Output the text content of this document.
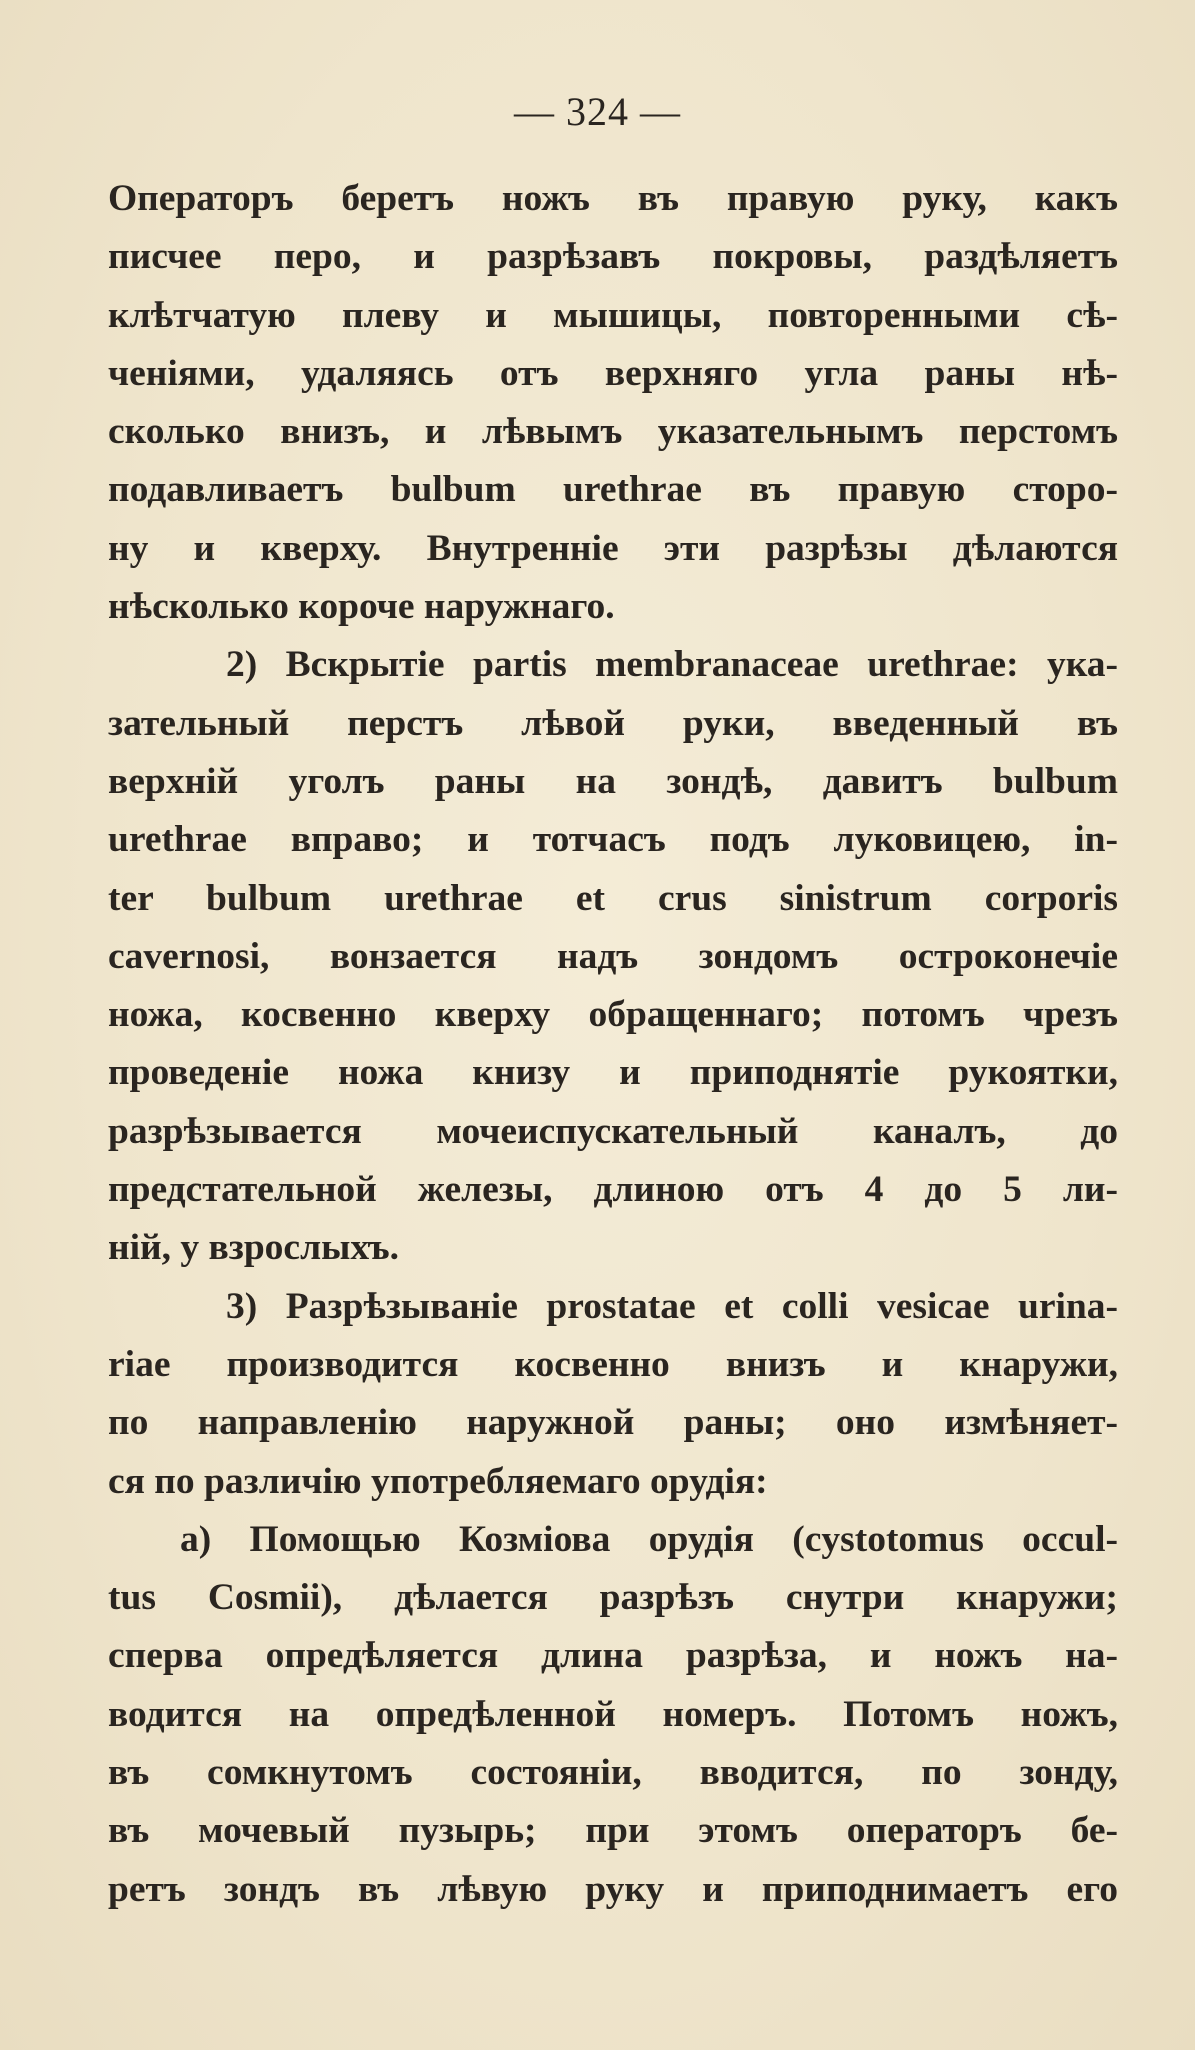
— 324 —

Операторъ беретъ ножъ въ правую руку, какъ
писчее перо, и разрѣзавъ покровы, раздѣляетъ
клѣтчатую плеву и мышицы, повторенными сѣ-
ченіями, удаляясь отъ верхняго угла раны нѣ-
сколько внизъ, и лѣвымъ указательнымъ перстомъ
подавливаетъ bulbum urethrae въ правую сторо-
ну и кверху. Внутренніе эти разрѣзы дѣлаются
нѣсколько короче наружнаго.

2) Вскрытіе partis membranaceae urethrae: ука-
зательный перстъ лѣвой руки, введенный въ
верхній уголъ раны на зондѣ, давитъ bulbum
urethrae вправо; и тотчасъ подъ луковицею, in-
ter bulbum urethrae et crus sinistrum corporis
cavernosi, вонзается надъ зондомъ остроконечіе
ножа, косвенно кверху обращеннаго; потомъ чрезъ
проведеніе ножа книзу и приподнятіе рукоятки,
разрѣзывается мочеиспускательный каналъ, до
предстательной железы, длиною отъ 4 до 5 ли-
ній, у взрослыхъ.

3) Разрѣзываніе prostatae et colli vesicae urina-
riae производится косвенно внизъ и кнаружи,
по направленію наружной раны; оно измѣняет-
ся по различію употребляемаго орудія:

а) Помощью Козміова орудія (cystotomus occul-
tus Cosmii), дѣлается разрѣзъ снутри кнаружи;
сперва опредѣляется длина разрѣза, и ножъ на-
водится на опредѣленной номеръ. Потомъ ножъ,
въ сомкнутомъ состояніи, вводится, по зонду,
въ мочевый пузырь; при этомъ операторъ бе-
ретъ зондъ въ лѣвую руку и приподнимаетъ его
